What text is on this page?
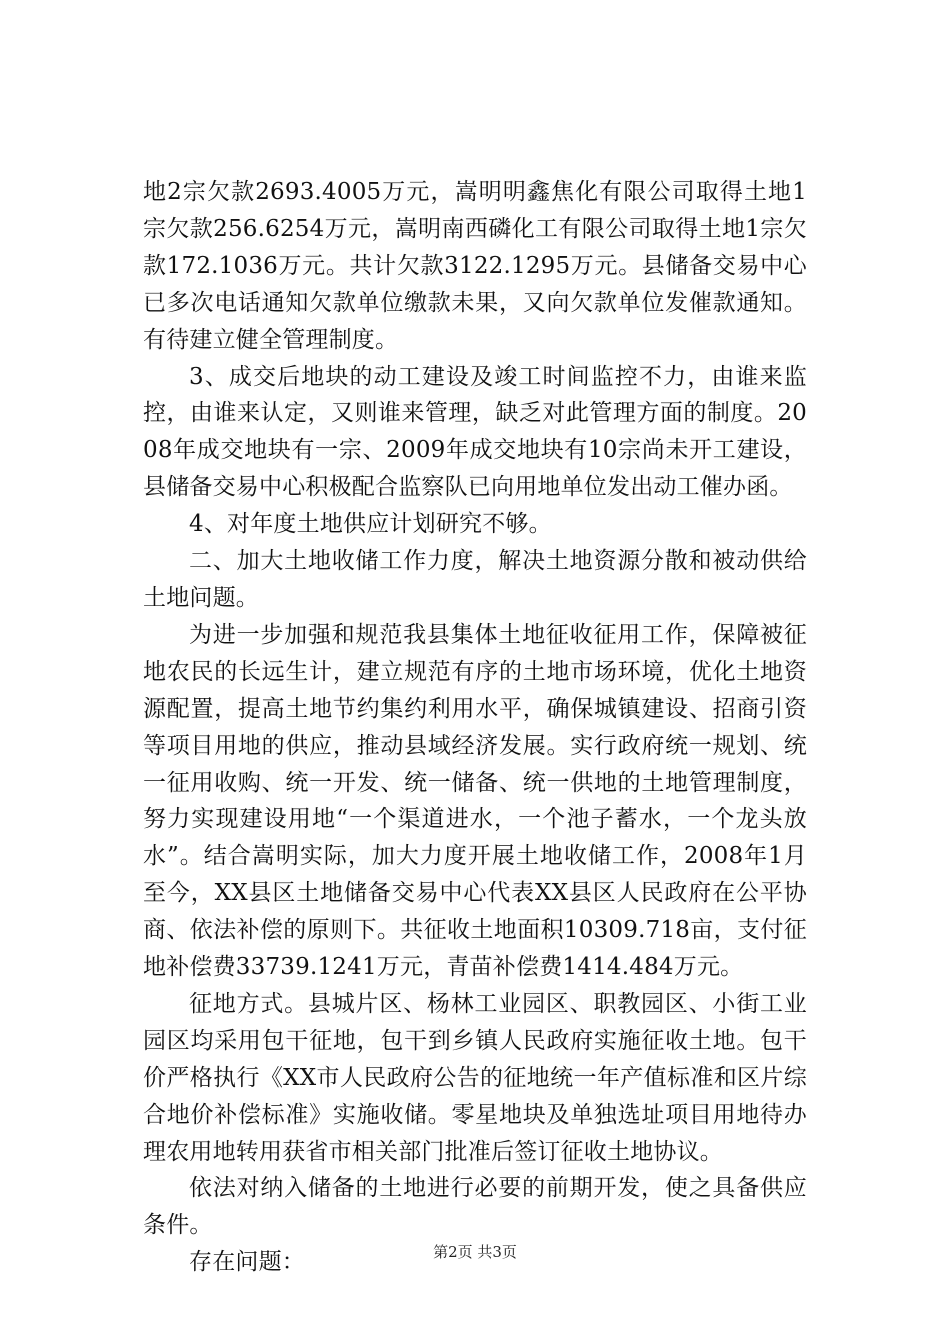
地2宗欠款2693.4005万元，嵩明明鑫焦化有限公司取得土地1宗欠款256.6254万元，嵩明南西磷化工有限公司取得土地1宗欠款172.1036万元。共计欠款3122.1295万元。县储备交易中心已多次电话通知欠款单位缴款未果，又向欠款单位发催款通知。有待建立健全管理制度。

3、成交后地块的动工建设及竣工时间监控不力，由谁来监控，由谁来认定，又则谁来管理，缺乏对此管理方面的制度。2008年成交地块有一宗、2009年成交地块有10宗尚未开工建设，县储备交易中心积极配合监察队已向用地单位发出动工催办函。

4、对年度土地供应计划研究不够。

二、加大土地收储工作力度，解决土地资源分散和被动供给土地问题。

为进一步加强和规范我县集体土地征收征用工作，保障被征地农民的长远生计，建立规范有序的土地市场环境，优化土地资源配置，提高土地节约集约利用水平，确保城镇建设、招商引资等项目用地的供应，推动县域经济发展。实行政府统一规划、统一征用收购、统一开发、统一储备、统一供地的土地管理制度，努力实现建设用地“一个渠道进水，一个池子蓄水，一个龙头放水”。结合嵩明实际，加大力度开展土地收储工作，2008年1月至今，XX县区土地储备交易中心代表XX县区人民政府在公平协商、依法补偿的原则下。共征收土地面积10309.718亩，支付征地补偿费33739.1241万元，青苗补偿费1414.484万元。

征地方式。县城片区、杨林工业园区、职教园区、小街工业园区均采用包干征地，包干到乡镇人民政府实施征收土地。包干价严格执行《XX市人民政府公告的征地统一年产值标准和区片综合地价补偿标准》实施收储。零星地块及单独选址项目用地待办理农用地转用获省市相关部门批准后签订征收土地协议。

依法对纳入储备的土地进行必要的前期开发，使之具备供应条件。

存在问题：	第2页 共3页
